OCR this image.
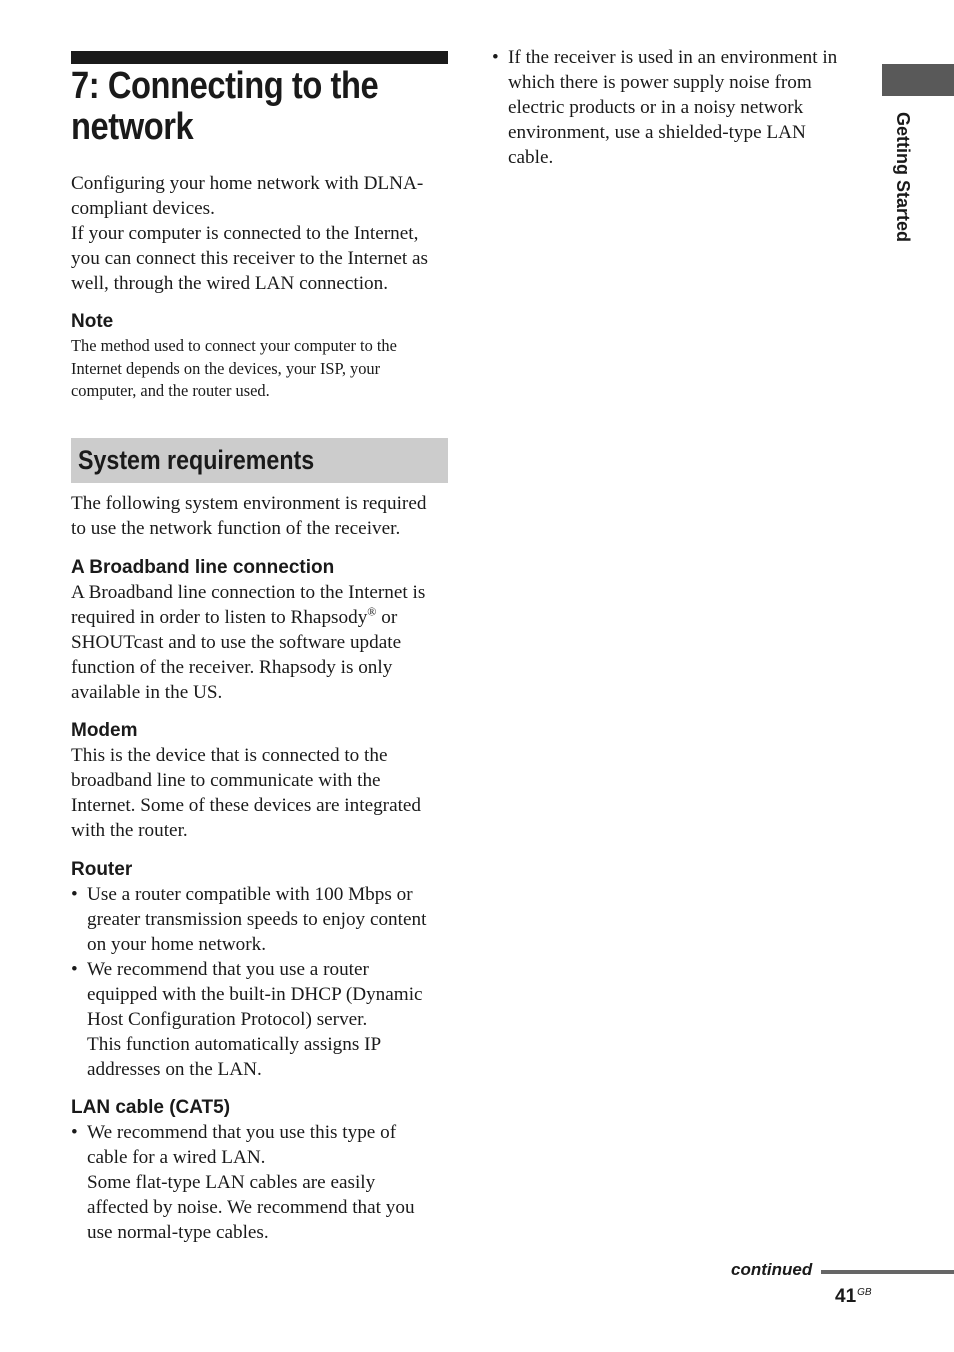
7: Connecting to the
network
Configuring your home network with DLNA-
compliant devices.
If your computer is connected to the Internet,
you can connect this receiver to the Internet as
well, through the wired LAN connection.
Note
The method used to connect your computer to the
Internet depends on the devices, your ISP, your
computer, and the router used.
System requirements
The following system environment is required
to use the network function of the receiver.
A Broadband line connection
A Broadband line connection to the Internet is
required in order to listen to Rhapsody® or
SHOUTcast and to use the software update
function of the receiver. Rhapsody is only
available in the US.
Modem
This is the device that is connected to the
broadband line to communicate with the
Internet. Some of these devices are integrated
with the router.
Router
• Use a router compatible with 100 Mbps or
greater transmission speeds to enjoy content
on your home network.
• We recommend that you use a router
equipped with the built-in DHCP (Dynamic
Host Configuration Protocol) server.
This function automatically assigns IP
addresses on the LAN.
LAN cable (CAT5)
• We recommend that you use this type of
cable for a wired LAN.
Some flat-type LAN cables are easily
affected by noise. We recommend that you
use normal-type cables.
• If the receiver is used in an environment in
which there is power supply noise from
electric products or in a noisy network
environment, use a shielded-type LAN
cable.	Getting Started
continued
$41^{GB}$
